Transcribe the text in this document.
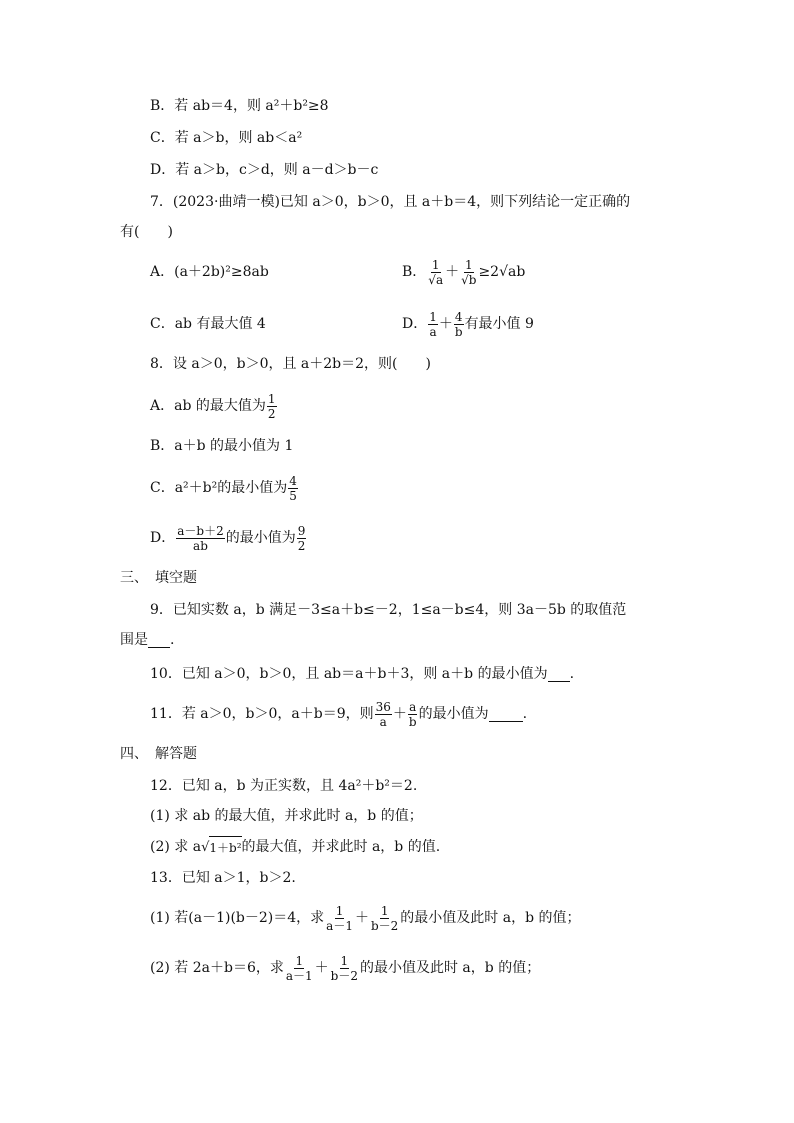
B．若 ab＝4，则 a²＋b²≥8
C．若 a＞b，则 ab＜a²
D．若 a＞b，c＞d，则 a－d＞b－c
7．(2023·曲靖一模)已知 a＞0，b＞0，且 a＋b＝4，则下列结论一定正确的
有(　　)
A．(a＋2b)²≥8ab	B． 1
$√a + \frac{1}{√b} \ge 2√ab$
C．ab 有最大值 4	D． 1
a ＋ 4
b 有最小值 9
8．设 a＞0，b＞0，且 a＋2b＝2，则(　　)
A．ab 的最大值为 1
2
B．a＋b 的最小值为 1
C．a²＋b²的最小值为 4
5
D． a－b＋2
ab 的最小值为 9
2
三、　填空题
9．已知实数 a，b 满足－3≤a＋b≤－2，1≤a－b≤4，则 3a－5b 的取值范
围是 .
10．已知 a＞0，b＞0，且 ab＝a＋b＋3，则 a＋b 的最小值为 .
11．若 a＞0，b＞0，a＋b＝9，则 36
a ＋ a
b 的最小值为 .
四、　解答题
12．已知 a，b 为正实数，且 4a²＋b²＝2.
(1) 求 ab 的最大值，并求此时 a，b 的值；
(2) 求 a √ 1＋b² 的最大值，并求此时 a，b 的值.
13．已知 a＞1，b＞2.
(1) 若(a－1)(b－2)＝4，求 1
a－1 ＋ 1
b－2 的最小值及此时 a，b 的值；
(2) 若 2a＋b＝6，求 1
a－1 ＋ 1
b－2 的最小值及此时 a，b 的值；
